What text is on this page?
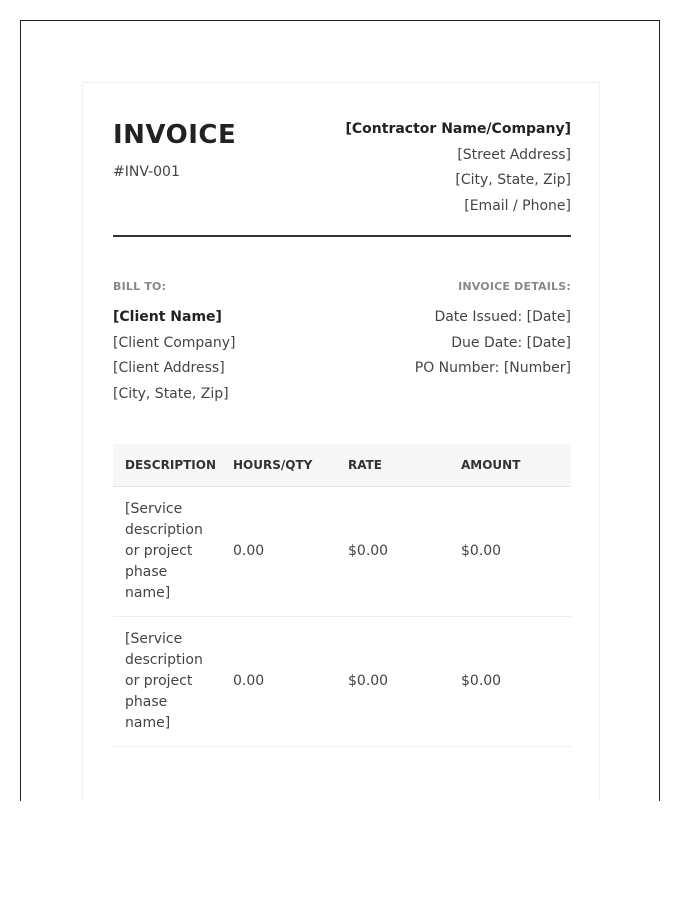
INVOICE
#INV-001
[Contractor Name/Company]
[Street Address]
[City, State, Zip]
[Email / Phone]
BILL TO:
[Client Name]
[Client Company]
[Client Address]
[City, State, Zip]
INVOICE DETAILS:
Date Issued: [Date]
Due Date: [Date]
PO Number: [Number]
DESCRIPTION	HOURS/QTY	RATE	AMOUNT
[Service description or project phase name]	0.00	$0.00	$0.00
[Service description or project phase name]	0.00	$0.00	$0.00
